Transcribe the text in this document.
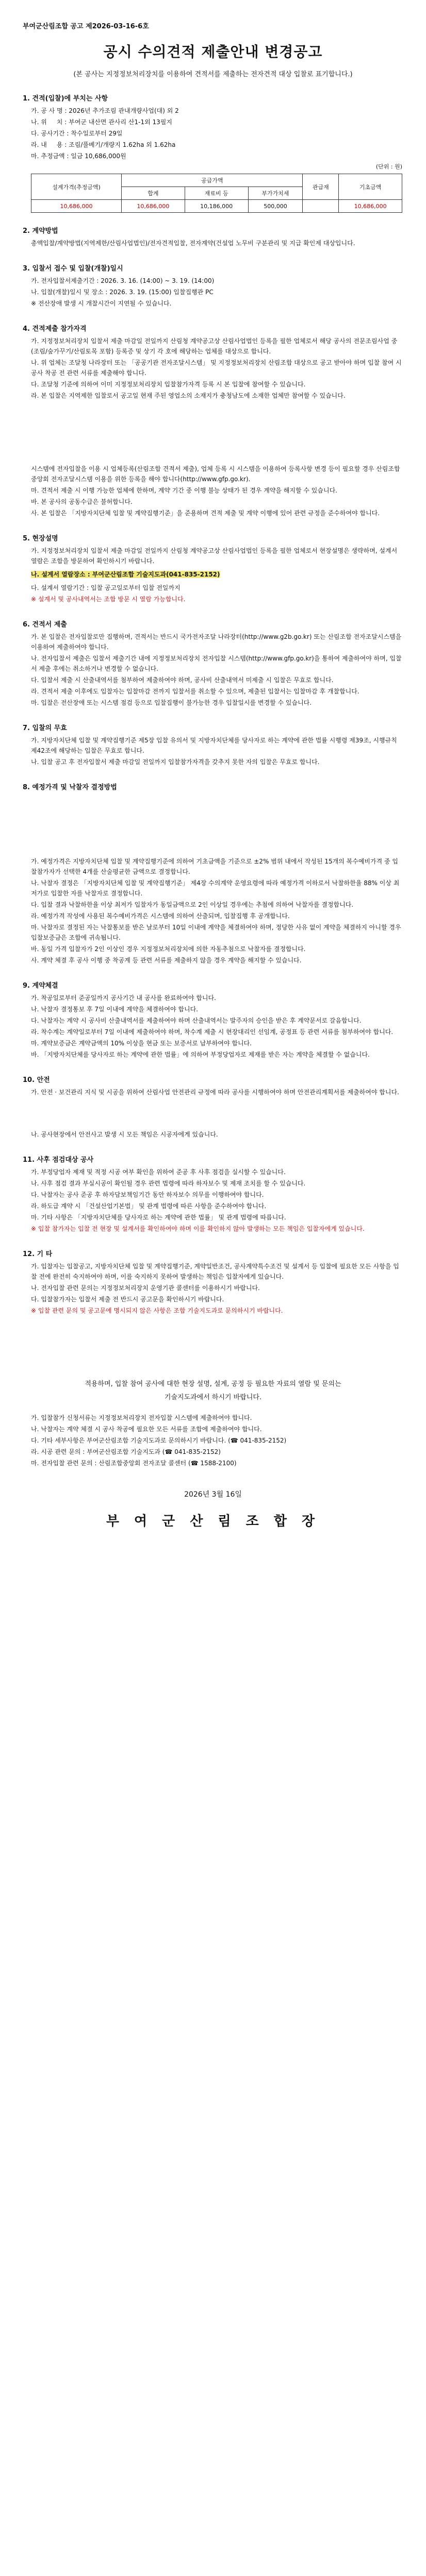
부여군산림조합 공고 제2026-03-16-6호
공시 수의견적 제출안내 변경공고
(본 공사는 지정정보처리장치를 이용하여 견적서를 제출하는 전자견적 대상 입찰로 표기합니다.)
1. 견적(입찰)에 부치는 사항
가. 공 사 명 : 2026년 추가조림 관내개량사업(대) 외 2
나. 위     치 : 부여군 내산면 관사리 산1-1외 13필지
다. 공사기간 : 착수일로부터 29일
라. 내     용 : 조림/풀베기/개량지 1.62ha 외 1.62ha
마. 추정금액 : 일금 10,686,000원
(단위 : 원)
설계가격(추정금액)	공급가액			관급재	기초금액
	합계	재료비 등	부가가치세		
10,686,000	10,686,000	10,186,000	500,000		10,686,000
2. 계약방법
총액입찰/계약방법(지역제한/산림사업법인)/전자견적입찰, 전자계약(건설업 노무비 구분관리 및 지급 확인제 대상입니다.
3. 입찰서 접수 및 입찰(개찰)일시
가. 전자입찰서제출기간 : 2026. 3. 16. (14:00) ~ 3. 19. (14:00)
나. 입찰(개찰)일시 및 장소 : 2026. 3. 19. (15:00) 입찰집행관 PC
※ 전산장애 발생 시 개찰시간이 지연될 수 있습니다.
4. 견적제출 참가자격
가. 지정정보처리장치 입찰서 제출 마감일 전일까지 산림청 계약공고상 산림사업법인 등록을 필한 업체로서 해당 공사의 전문조림사업 중 (조림/숲가꾸기/산림토목 포함) 등록증 및 상기 각 호에 해당하는 업체를 대상으로 합니다.
나. 위 업체는 조달청 나라장터 또는 「공공기관 전자조달시스템」 및 지정정보처리장치 산림조합 대상으로 공고 받아야 하며 입찰 참여 시 공사 착공 전 관련 서류를 제출해야 합니다.
다. 조달청 기준에 의하여 이미 지정정보처리장치 입찰참가자격 등록 시 본 입찰에 참여할 수 있습니다.
라. 본 입찰은 지역제한 입찰로서 공고일 현재 주된 영업소의 소재지가 충청남도에 소재한 업체만 참여할 수 있습니다.
시스템에 전자입찰을 이용 시 업체등록(산림조합 견적서 제출), 업체 등록 시 시스템을 이용하여 등록사항 변경 등이 필요할 경우 산림조합중앙회 전자조달시스템 이용을 위한 등록을 해야 합니다(http://www.gfp.go.kr).
마. 견적서 제출 시 이행 가능한 업체에 한하며, 계약 기간 중 이행 불능 상태가 된 경우 계약을 해지할 수 있습니다.
바. 본 공사의 공동수급은 불허합니다.
사. 본 입찰은 「지방자치단체 입찰 및 계약집행기준」을 준용하며 견적 제출 및 계약 이행에 있어 관련 규정을 준수하여야 합니다.
5. 현장설명
가. 지정정보처리장치 입찰서 제출 마감일 전일까지 산림청 계약공고상 산림사업법인 등록을 필한 업체로서 현장설명은 생략하며, 설계서 열람은 조합을 방문하여 확인하시기 바랍니다.
나. 설계서 열람장소 : 부여군산림조합 기술지도과(041-835-2152)
다. 설계서 열람기간 : 입찰 공고일로부터 입찰 전일까지
※ 설계서 및 공사내역서는 조합 방문 시 열람 가능합니다.
6. 견적서 제출
가. 본 입찰은 전자입찰로만 집행하며, 견적서는 반드시 국가전자조달 나라장터(http://www.g2b.go.kr) 또는 산림조합 전자조달시스템을 이용하여 제출하여야 합니다.
나. 전자입찰서 제출은 입찰서 제출기간 내에 지정정보처리장치 전자입찰 시스템(http://www.gfp.go.kr)을 통하여 제출하여야 하며, 입찰서 제출 후에는 취소하거나 변경할 수 없습니다.
다. 입찰서 제출 시 산출내역서를 첨부하여 제출하여야 하며, 공사비 산출내역서 미제출 시 입찰은 무효로 합니다.
라. 견적서 제출 이후에도 입찰자는 입찰마감 전까지 입찰서를 취소할 수 있으며, 제출된 입찰서는 입찰마감 후 개찰합니다.
마. 입찰은 전산장애 또는 시스템 점검 등으로 입찰집행이 불가능한 경우 입찰일시를 변경할 수 있습니다.
7. 입찰의 무효
가. 지방자치단체 입찰 및 계약집행기준 제5장 입찰 유의서 및 지방자치단체를 당사자로 하는 계약에 관한 법률 시행령 제39조, 시행규칙 제42조에 해당하는 입찰은 무효로 합니다.
나. 입찰 공고 후 전자입찰서 제출 마감일 전일까지 입찰참가자격을 갖추지 못한 자의 입찰은 무효로 합니다.
8. 예정가격 및 낙찰자 결정방법
가. 예정가격은 지방자치단체 입찰 및 계약집행기준에 의하여 기초금액을 기준으로 ±2% 범위 내에서 작성된 15개의 복수예비가격 중 입찰참가자가 선택한 4개를 산술평균한 금액으로 결정합니다.
나. 낙찰자 결정은 「지방자치단체 입찰 및 계약집행기준」 제4장 수의계약 운영요령에 따라 예정가격 이하로서 낙찰하한율 88% 이상 최저가로 입찰한 자를 낙찰자로 결정합니다.
다. 입찰 결과 낙찰하한율 이상 최저가 입찰자가 동일금액으로 2인 이상일 경우에는 추첨에 의하여 낙찰자를 결정합니다.
라. 예정가격 작성에 사용된 복수예비가격은 시스템에 의하여 산출되며, 입찰집행 후 공개합니다.
마. 낙찰자로 결정된 자는 낙찰통보를 받은 날로부터 10일 이내에 계약을 체결하여야 하며, 정당한 사유 없이 계약을 체결하지 아니할 경우 입찰보증금은 조합에 귀속됩니다.
바. 동일 가격 입찰자가 2인 이상인 경우 지정정보처리장치에 의한 자동추첨으로 낙찰자를 결정합니다.
사. 계약 체결 후 공사 이행 중 착공계 등 관련 서류를 제출하지 않을 경우 계약을 해지할 수 있습니다.
9. 계약체결
가. 착공일로부터 준공일까지 공사기간 내 공사를 완료하여야 합니다.
나. 낙찰자 결정통보 후 7일 이내에 계약을 체결하여야 합니다.
다. 낙찰자는 계약 시 공사비 산출내역서를 제출하여야 하며 산출내역서는 발주자의 승인을 받은 후 계약문서로 갈음합니다.
라. 착수계는 계약일로부터 7일 이내에 제출하여야 하며, 착수계 제출 시 현장대리인 선임계, 공정표 등 관련 서류를 첨부하여야 합니다.
마. 계약보증금은 계약금액의 10% 이상을 현금 또는 보증서로 납부하여야 합니다.
바. 「지방자치단체를 당사자로 하는 계약에 관한 법률」에 의하여 부정당업자로 제재를 받은 자는 계약을 체결할 수 없습니다.
10. 안전
가. 안전 · 보건관리 지식 및 시공을 위하여 산림사업 안전관리 규정에 따라 공사를 시행하여야 하며 안전관리계획서를 제출하여야 합니다.
나. 공사현장에서 안전사고 발생 시 모든 책임은 시공자에게 있습니다.
11. 사후 점검대상 공사
가. 부정당업자 제재 및 적정 시공 여부 확인을 위하여 준공 후 사후 점검을 실시할 수 있습니다.
나. 사후 점검 결과 부실시공이 확인될 경우 관련 법령에 따라 하자보수 및 제재 조치를 할 수 있습니다.
다. 낙찰자는 공사 준공 후 하자담보책임기간 동안 하자보수 의무를 이행하여야 합니다.
라. 하도급 계약 시 「건설산업기본법」 및 관계 법령에 따른 사항을 준수하여야 합니다.
마. 기타 사항은 「지방자치단체를 당사자로 하는 계약에 관한 법률」 및 관계 법령에 따릅니다.
※ 입찰 참가자는 입찰 전 현장 및 설계서를 확인하여야 하며 이를 확인하지 않아 발생하는 모든 책임은 입찰자에게 있습니다.
12. 기 타
가. 입찰자는 입찰공고, 지방자치단체 입찰 및 계약집행기준, 계약일반조건, 공사계약특수조건 및 설계서 등 입찰에 필요한 모든 사항을 입찰 전에 완전히 숙지하여야 하며, 이를 숙지하지 못하여 발생하는 책임은 입찰자에게 있습니다.
나. 전자입찰 관련 문의는 지정정보처리장치 운영기관 콜센터를 이용하시기 바랍니다.
다. 입찰참가자는 입찰서 제출 전 반드시 공고문을 확인하시기 바랍니다.
※ 입찰 관련 문의 및 공고문에 명시되지 않은 사항은 조합 기술지도과로 문의하시기 바랍니다.
적용하며, 입찰 참여 공사에 대한 현장 설명, 설계, 공정 등 필요한 자료의 열람 및 문의는
기술지도과에서 하시기 바랍니다.
가. 입찰참가 신청서류는 지정정보처리장치 전자입찰 시스템에 제출하여야 합니다.
나. 낙찰자는 계약 체결 시 공사 착공에 필요한 모든 서류를 조합에 제출하여야 합니다.
다. 기타 세부사항은 부여군산림조합 기술지도과로 문의하시기 바랍니다. (☎ 041-835-2152)
라. 시공 관련 문의 : 부여군산림조합 기술지도과 (☎ 041-835-2152)
마. 전자입찰 관련 문의 : 산림조합중앙회 전자조달 콜센터 (☎ 1588-2100)
2026년 3월 16일
부 여 군 산 림 조 합 장
